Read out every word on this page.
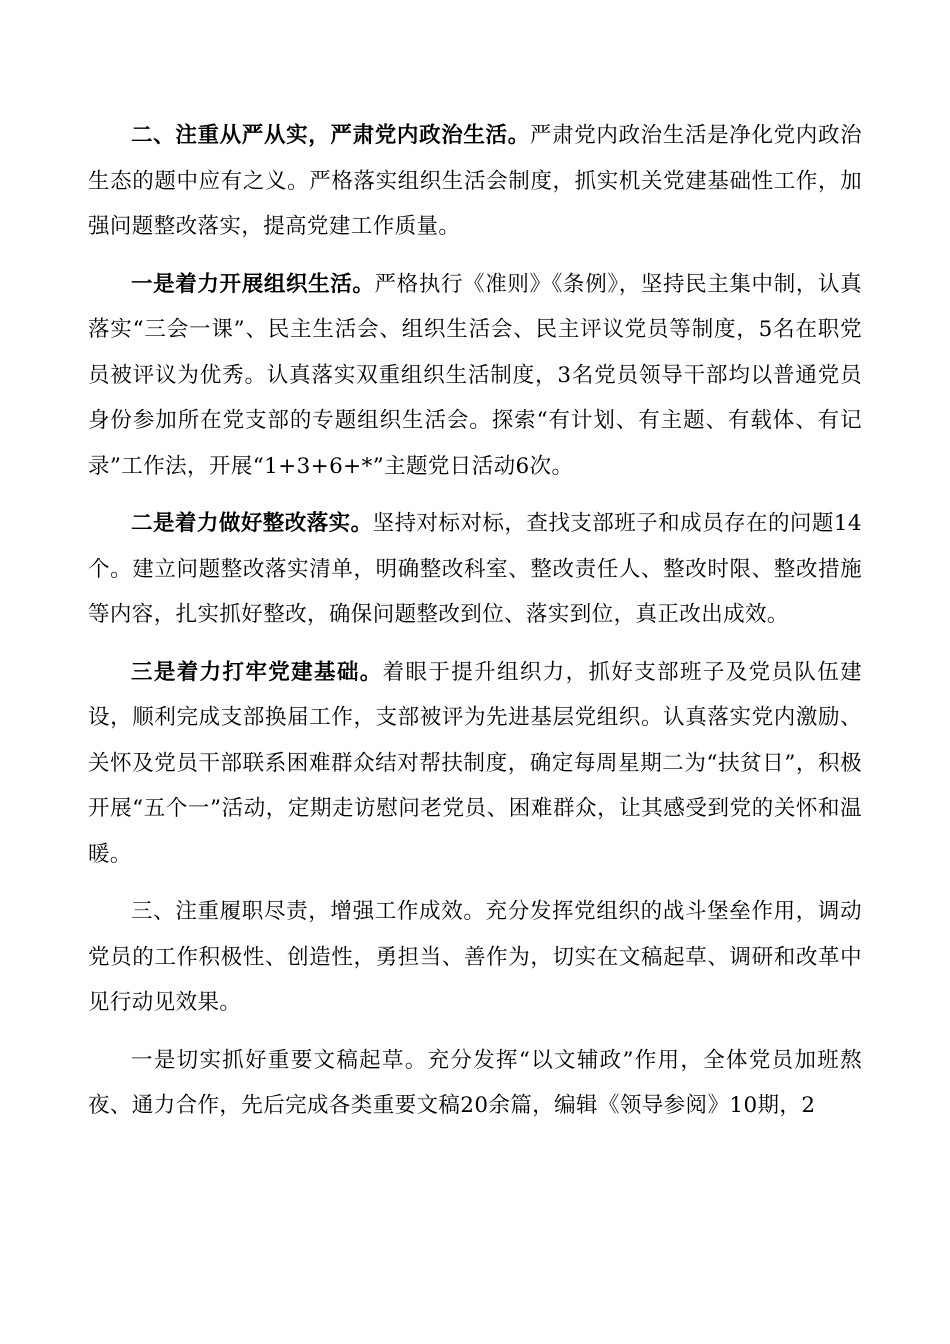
二、注重从严从实，严肃党内政治生活。严肃党内政治生活是净化党内政治生态的题中应有之义。严格落实组织生活会制度，抓实机关党建基础性工作，加强问题整改落实，提高党建工作质量。

一是着力开展组织生活。严格执行《准则》《条例》，坚持民主集中制，认真落实“三会一课”、民主生活会、组织生活会、民主评议党员等制度，5名在职党员被评议为优秀。认真落实双重组织生活制度，3名党员领导干部均以普通党员身份参加所在党支部的专题组织生活会。探索“有计划、有主题、有载体、有记录”工作法，开展“1+3+6+*”主题党日活动6次。

二是着力做好整改落实。坚持对标对标，查找支部班子和成员存在的问题14个。建立问题整改落实清单，明确整改科室、整改责任人、整改时限、整改措施等内容，扎实抓好整改，确保问题整改到位、落实到位，真正改出成效。

三是着力打牢党建基础。着眼于提升组织力，抓好支部班子及党员队伍建设，顺利完成支部换届工作，支部被评为先进基层党组织。认真落实党内激励、关怀及党员干部联系困难群众结对帮扶制度，确定每周星期二为“扶贫日”，积极开展“五个一”活动，定期走访慰问老党员、困难群众，让其感受到党的关怀和温暖。

三、注重履职尽责，增强工作成效。充分发挥党组织的战斗堡垒作用，调动党员的工作积极性、创造性，勇担当、善作为，切实在文稿起草、调研和改革中见行动见效果。

一是切实抓好重要文稿起草。充分发挥“以文辅政”作用，全体党员加班熬夜、通力合作，先后完成各类重要文稿20余篇，编辑《领导参阅》10期，2
